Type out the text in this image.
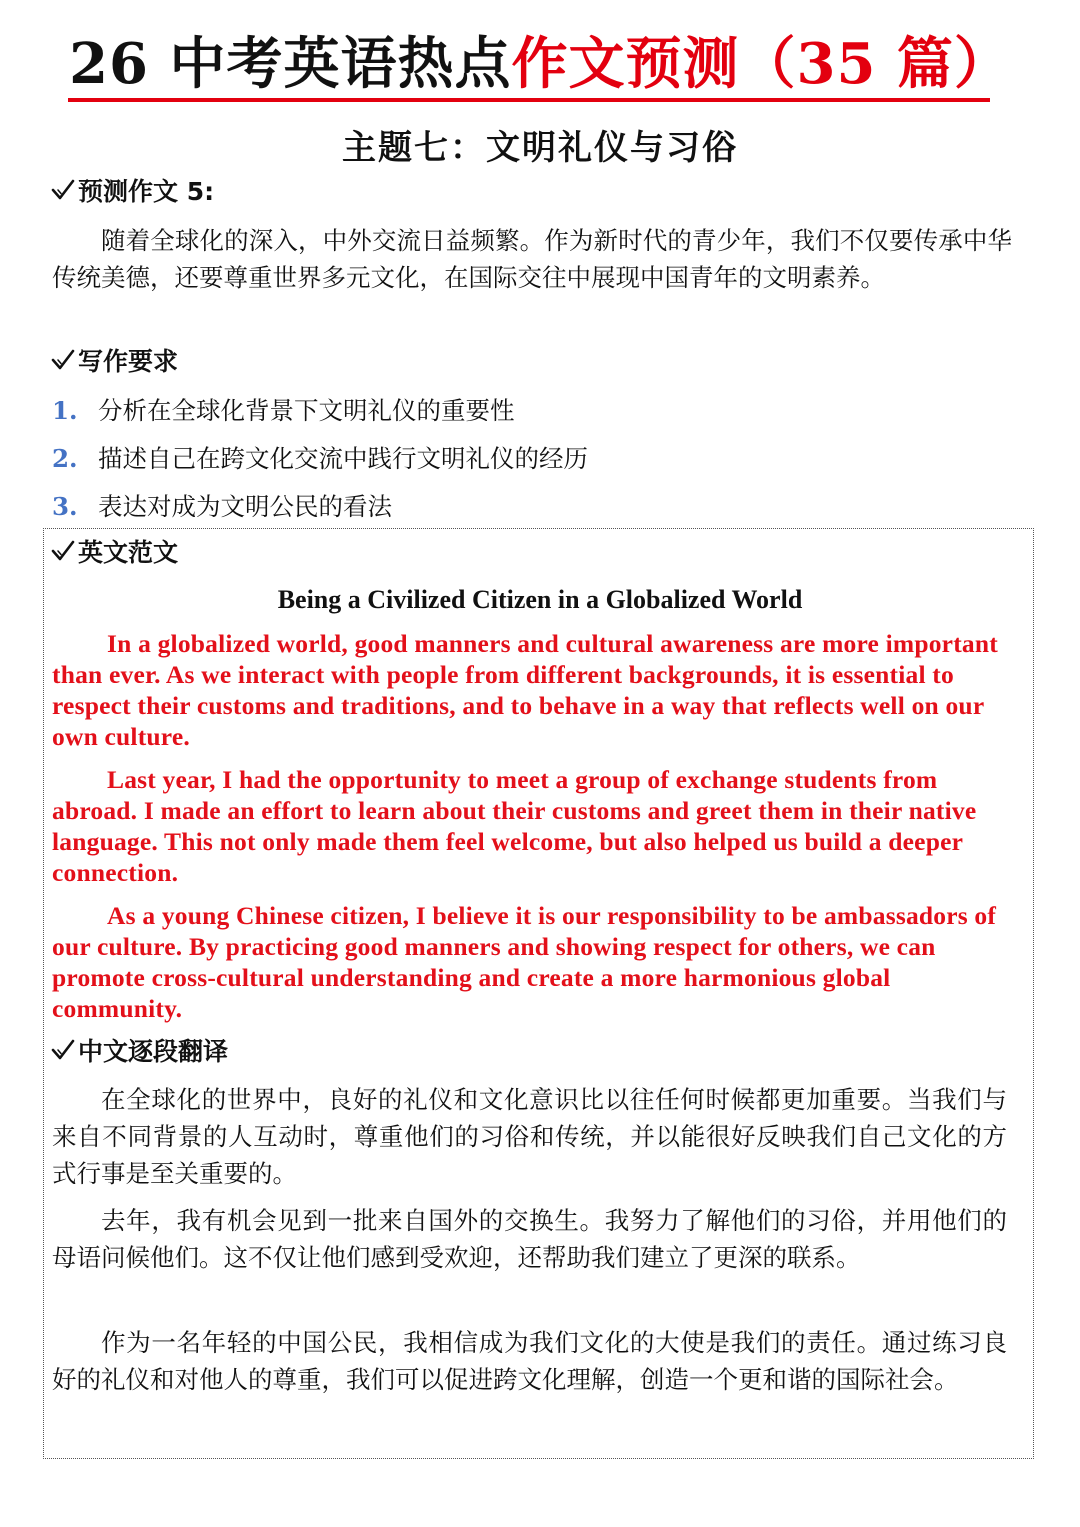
26 中考英语热点作文预测（35 篇）
主题七：文明礼仪与习俗
预测作文 5:

随着全球化的深入，中外交流日益频繁。作为新时代的青少年，我们不仅要传承中华传统美德，还要尊重世界多元文化，在国际交往中展现中国青年的文明素养。

写作要求
1. 分析在全球化背景下文明礼仪的重要性
2. 描述自己在跨文化交流中践行文明礼仪的经历
3. 表达对成为文明公民的看法
英文范文
Being a Civilized Citizen in a Globalized World

In a globalized world, good manners and cultural awareness are more important than ever. As we interact with people from different backgrounds, it is essential to respect their customs and traditions, and to behave in a way that reflects well on our own culture.

Last year, I had the opportunity to meet a group of exchange students from abroad. I made an effort to learn about their customs and greet them in their native language. This not only made them feel welcome, but also helped us build a deeper connection.

As a young Chinese citizen, I believe it is our responsibility to be ambassadors of our culture. By practicing good manners and showing respect for others, we can promote cross-cultural understanding and create a more harmonious global community.

中文逐段翻译

在全球化的世界中，良好的礼仪和文化意识比以往任何时候都更加重要。当我们与来自不同背景的人互动时，尊重他们的习俗和传统，并以能很好反映我们自己文化的方式行事是至关重要的。

去年，我有机会见到一批来自国外的交换生。我努力了解他们的习俗，并用他们的母语问候他们。这不仅让他们感到受欢迎，还帮助我们建立了更深的联系。

作为一名年轻的中国公民，我相信成为我们文化的大使是我们的责任。通过练习良好的礼仪和对他人的尊重，我们可以促进跨文化理解，创造一个更和谐的国际社会。
